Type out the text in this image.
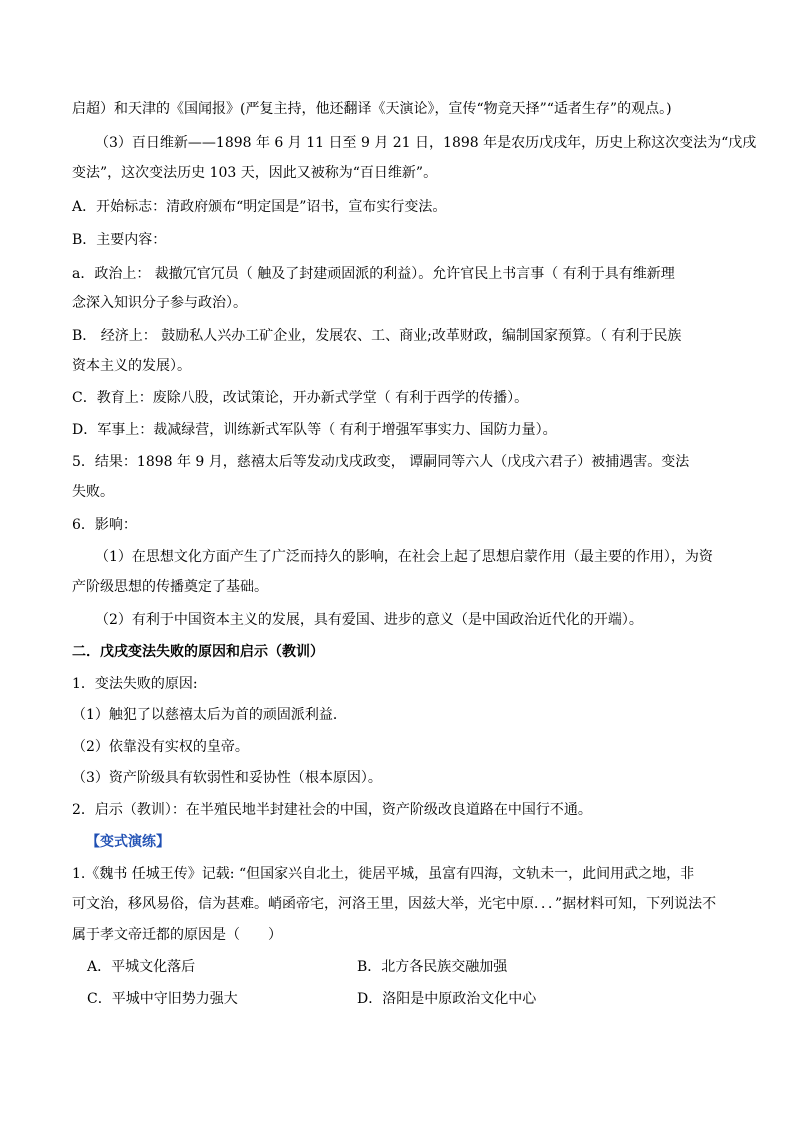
启超）和天津的《国闻报》(严复主持，他还翻译《天演论》，宣传“物竞天择”“适者生存”的观点。)
（3）百日维新——1898 年 6 月 11 日至 9 月 21 日，1898 年是农历戊戌年，历史上称这次变法为“戊戌
变法”，这次变法历史 103 天，因此又被称为“百日维新”。
A．开始标志：清政府颁布“明定国是”诏书，宣布实行变法。
B．主要内容：
a．政治上： 裁撤冗官冗员（ 触及了封建顽固派的利益）。允许官民上书言事（ 有利于具有维新理
念深入知识分子参与政治）。
B． 经济上： 鼓励私人兴办工矿企业，发展农、工、商业;改革财政，编制国家预算。（ 有利于民族
资本主义的发展）。
C．教育上：废除八股，改试策论，开办新式学堂（ 有利于西学的传播）。
D．军事上：裁减绿营，训练新式军队等（ 有利于增强军事实力、国防力量）。
5．结果：1898 年 9 月，慈禧太后等发动戊戌政变， 谭嗣同等六人（戊戌六君子）被捕遇害。变法
失败。
6．影响：
（1）在思想文化方面产生了广泛而持久的影响，在社会上起了思想启蒙作用（最主要的作用），为资
产阶级思想的传播奠定了基础。
（2）有利于中国资本主义的发展，具有爱国、进步的意义（是中国政治近代化的开端）。
二．戊戌变法失败的原因和启示（教训）
1．变法失败的原因:
（1）触犯了以慈禧太后为首的顽固派利益．
（2）依靠没有实权的皇帝。
（3）资产阶级具有软弱性和妥协性（根本原因）。
2．启示（教训）：在半殖民地半封建社会的中国，资产阶级改良道路在中国行不通。
【变式演练】
1.《魏书 任城王传》记载: “但国家兴自北土，徙居平城，虽富有四海，文轨未一，此间用武之地，非
可文治，移风易俗，信为甚难。峭函帝宅，河洛王里，因兹大举，光宅中原．．．”据材料可知，下列说法不
属于孝文帝迁都的原因是（　　）
A．平城文化落后	B．北方各民族交融加强
C．平城中守旧势力强大	D．洛阳是中原政治文化中心
